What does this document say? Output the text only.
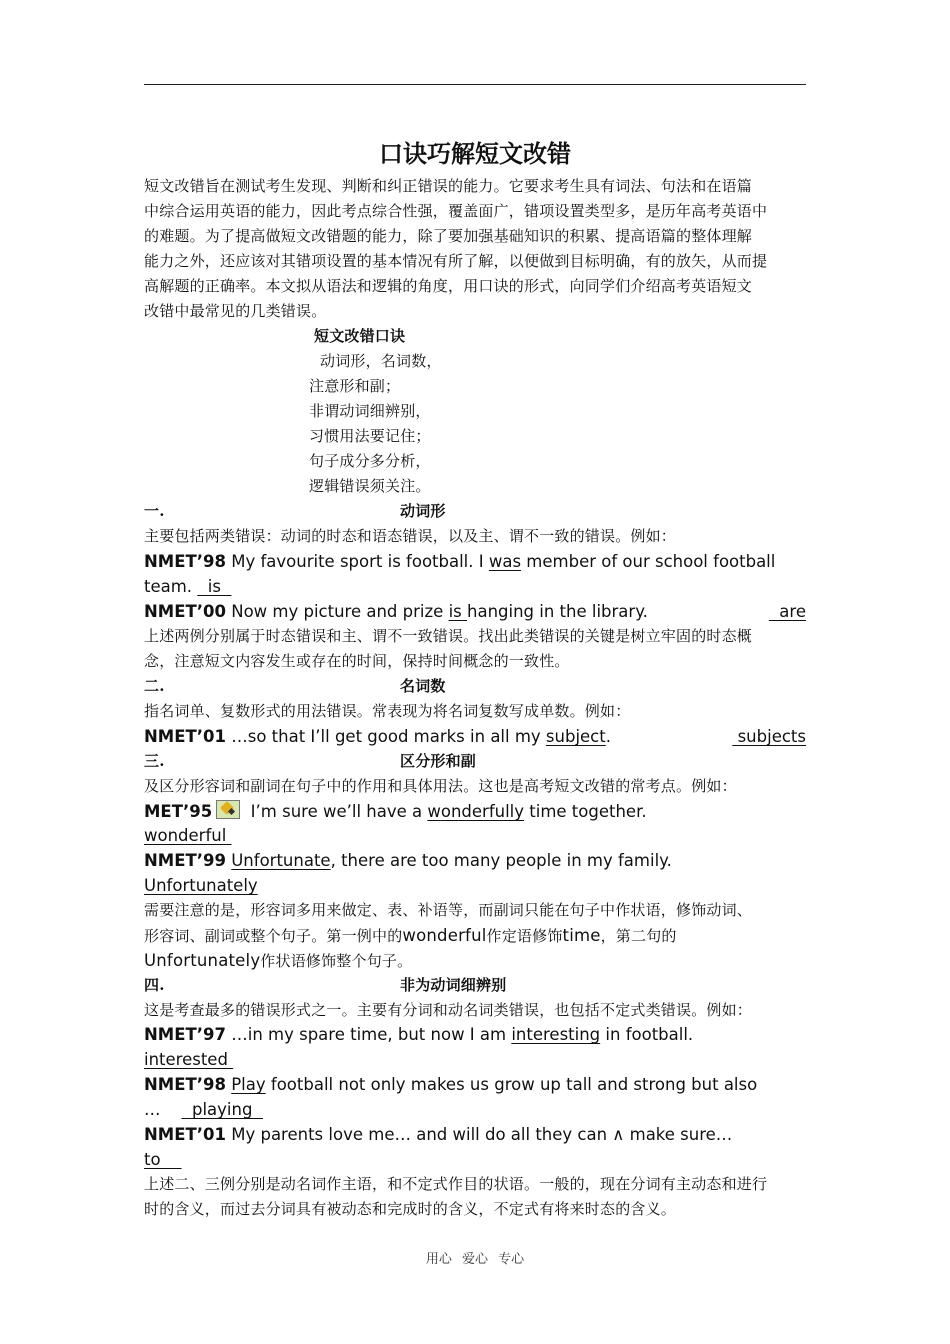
口诀巧解短文改错
短文改错旨在测试考生发现、判断和纠正错误的能力。它要求考生具有词法、句法和在语篇
中综合运用英语的能力，因此考点综合性强，覆盖面广，错项设置类型多，是历年高考英语中
的难题。为了提高做短文改错题的能力，除了要加强基础知识的积累、提高语篇的整体理解
能力之外，还应该对其错项设置的基本情况有所了解，以便做到目标明确，有的放矢，从而提
高解题的正确率。本文拟从语法和逻辑的角度，用口诀的形式，向同学们介绍高考英语短文
改错中最常见的几类错误。
短文改错口诀
动词形，名词数，
注意形和副；
非谓动词细辨别，
习惯用法要记住；
句子成分多分析，
逻辑错误须关注。
一.	动词形
主要包括两类错误：动词的时态和语态错误，以及主、谓不一致的错误。例如：
NMET’98 My favourite sport is football. I was member of our school football
team.   is
NMET’00 Now my picture and prize is hanging in the library.	are
上述两例分别属于时态错误和主、谓不一致错误。找出此类错误的关键是树立牢固的时态概
念，注意短文内容发生或存在的时间，保持时间概念的一致性。
二.	名词数
指名词单、复数形式的用法错误。常表现为将名词复数写成单数。例如：
NMET’01 …so that I’ll get good marks in all my subject.	subjects
三.	区分形和副
及区分形容词和副词在句子中的作用和具体用法。这也是高考短文改错的常考点。例如：
MET’95  I’m sure we’ll have a wonderfully time together.
wonderful
NMET’99 Unfortunate, there are too many people in my family.
Unfortunately
需要注意的是，形容词多用来做定、表、补语等，而副词只能在句子中作状语，修饰动词、
形容词、副词或整个句子。第一例中的wonderful作定语修饰time，第二句的
Unfortunately作状语修饰整个句子。
四.	非为动词细辨别
这是考查最多的错误形式之一。主要有分词和动名词类错误，也包括不定式类错误。例如：
NMET’97 …in my spare time, but now I am interesting in football.
interested
NMET’98 Play football not only makes us grow up tall and strong but also
…      playing
NMET’01 My parents love me… and will do all they can ∧ make sure…
to
上述二、三例分别是动名词作主语，和不定式作目的状语。一般的，现在分词有主动态和进行
时的含义，而过去分词具有被动态和完成时的含义，不定式有将来时态的含义。
用心 爱心 专心
